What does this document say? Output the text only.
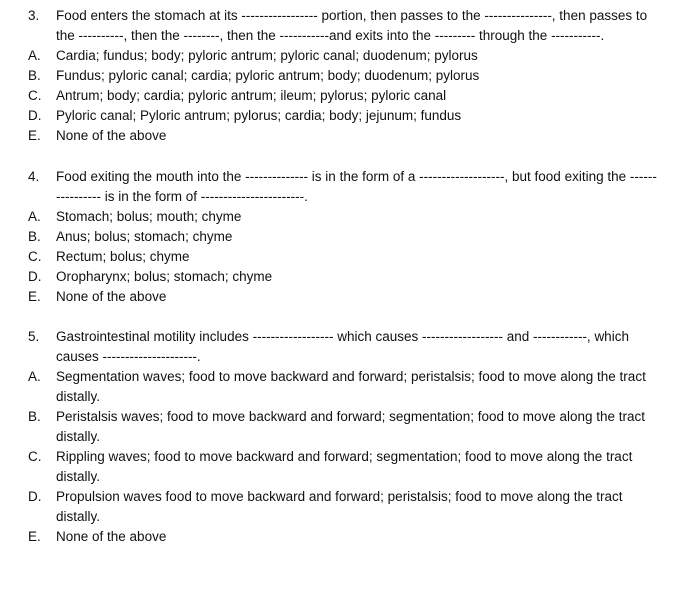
3.	Food enters the stomach at its ----------------- portion, then passes to the ---------------, then passes to the ----------, then the --------, then the -----------and exits into the --------- through the -----------.
A.	Cardia; fundus; body; pyloric antrum; pyloric canal; duodenum; pylorus
B.	Fundus; pyloric canal; cardia; pyloric antrum; body; duodenum; pylorus
C.	Antrum; body; cardia; pyloric antrum; ileum; pylorus; pyloric canal
D.	Pyloric canal; Pyloric antrum; pylorus; cardia; body; jejunum; fundus
E.	None of the above
4.	Food exiting the mouth into the -------------- is in the form of a -------------------, but food exiting the ---------------- is in the form of -----------------------.
A.	Stomach; bolus; mouth; chyme
B.	Anus; bolus; stomach; chyme
C.	Rectum; bolus; chyme
D.	Oropharynx; bolus; stomach; chyme
E.	None of the above
5.	Gastrointestinal motility includes ------------------ which causes ------------------ and ------------, which causes ---------------------.
A.	Segmentation waves; food to move backward and forward; peristalsis; food to move along the tract distally.
B.	Peristalsis waves; food to move backward and forward; segmentation; food to move along the tract distally.
C.	Rippling waves; food to move backward and forward; segmentation; food to move along the tract distally.
D.	Propulsion waves food to move backward and forward; peristalsis; food to move along the tract distally.
E.	None of the above
